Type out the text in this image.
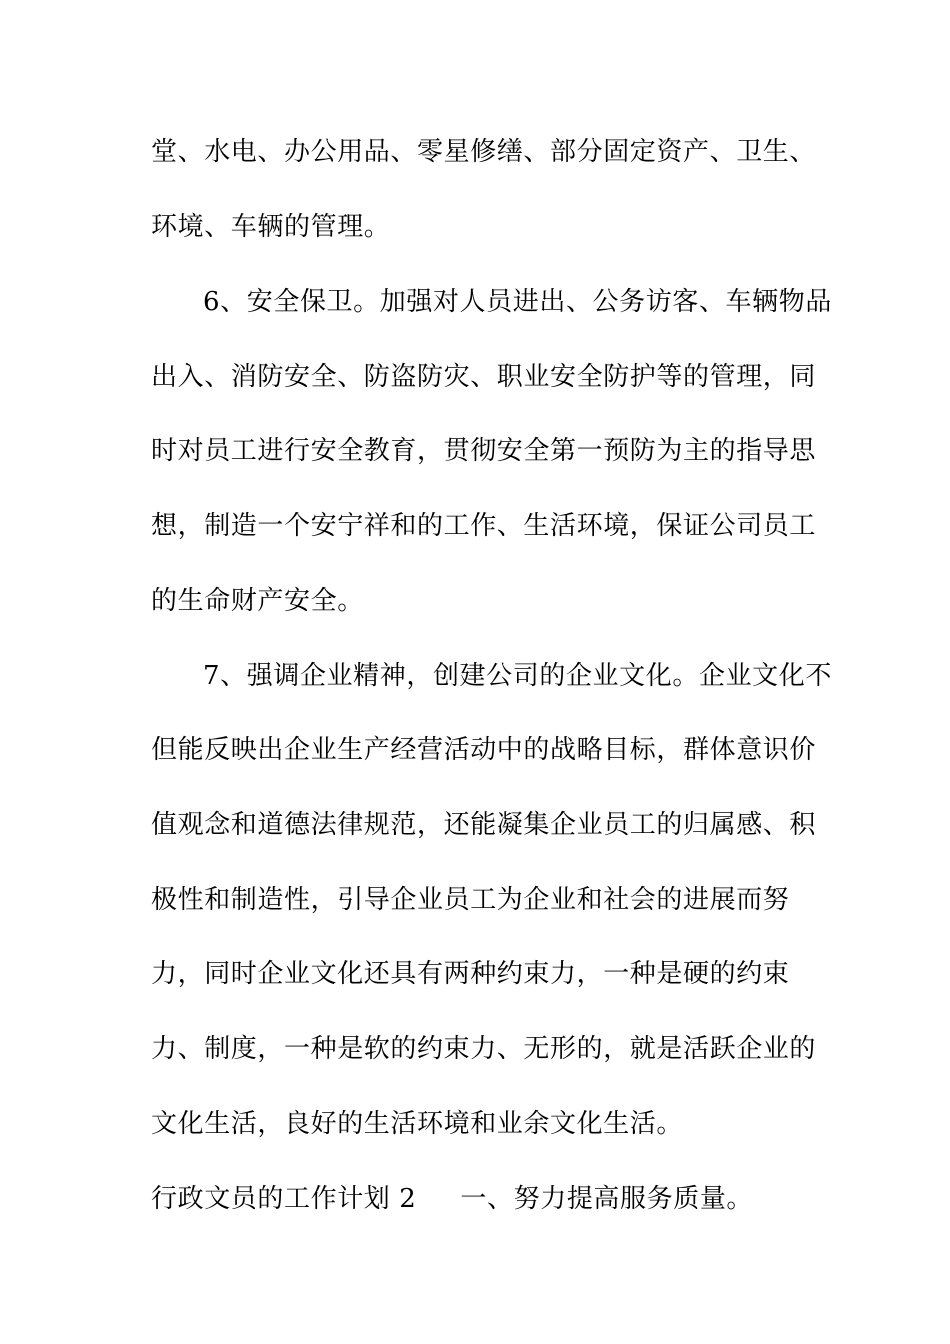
堂、水电、办公用品、零星修缮、部分固定资产、卫生、
环境、车辆的管理。
6、安全保卫。加强对人员进出、公务访客、车辆物品
出入、消防安全、防盗防灾、职业安全防护等的管理，同
时对员工进行安全教育，贯彻安全第一预防为主的指导思
想，制造一个安宁祥和的工作、生活环境，保证公司员工
的生命财产安全。
7、强调企业精神，创建公司的企业文化。企业文化不
但能反映出企业生产经营活动中的战略目标，群体意识价
值观念和道德法律规范，还能凝集企业员工的归属感、积
极性和制造性，引导企业员工为企业和社会的进展而努
力，同时企业文化还具有两种约束力，一种是硬的约束
力、制度，一种是软的约束力、无形的，就是活跃企业的
文化生活，良好的生活环境和业余文化生活。
行政文员的工作计划 2 一、努力提高服务质量。
